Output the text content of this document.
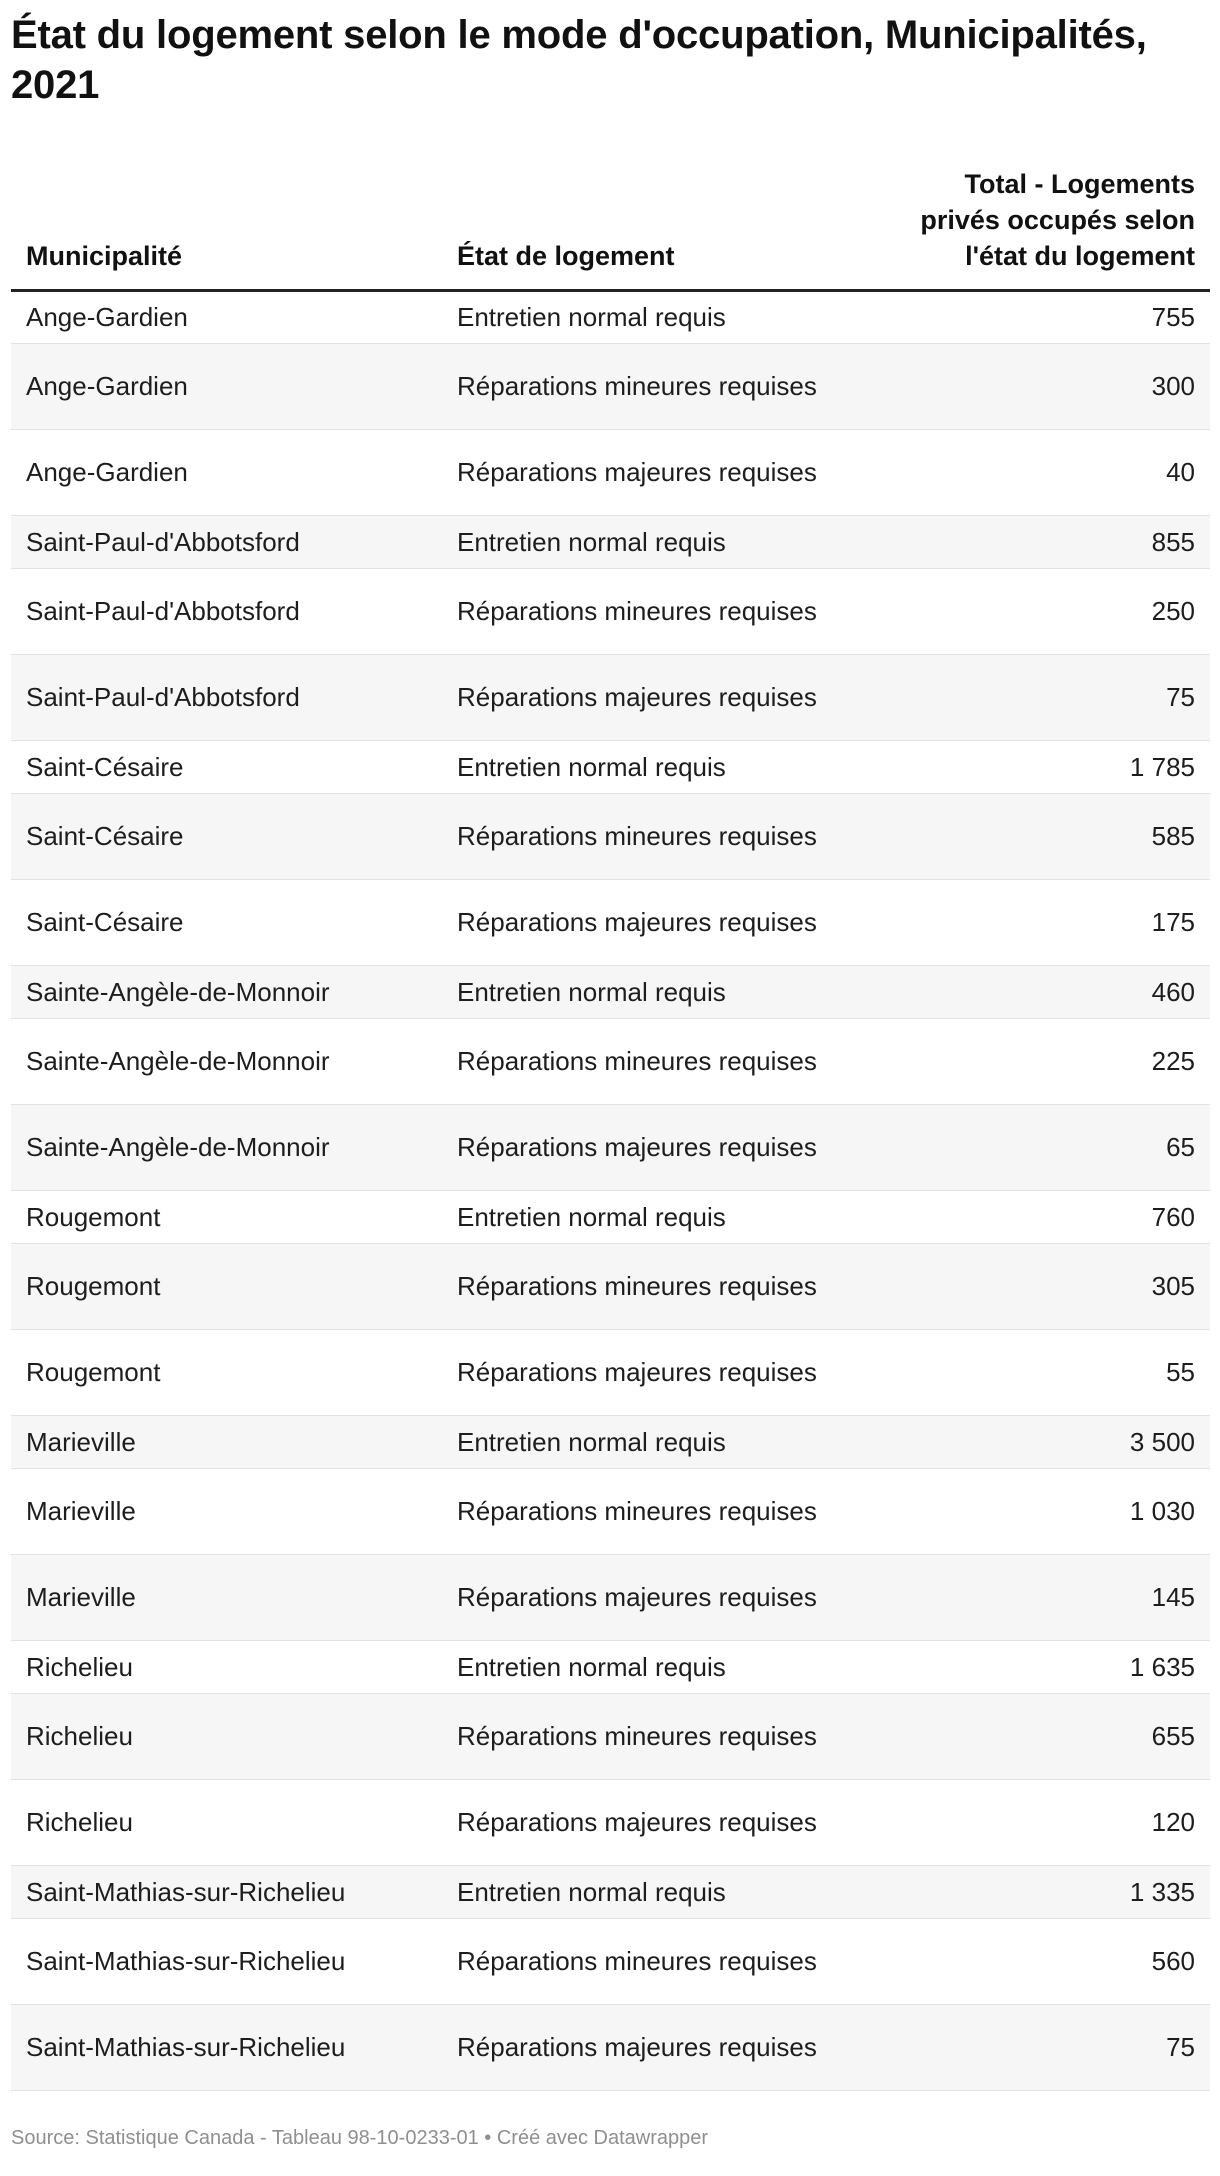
État du logement selon le mode d'occupation, Municipalités, 2021
Municipalité	État de logement	Total - Logements privés occupés selon l'état du logement
Ange-Gardien	Entretien normal requis	755
Ange-Gardien	Réparations mineures requises	300
Ange-Gardien	Réparations majeures requises	40
Saint-Paul-d'Abbotsford	Entretien normal requis	855
Saint-Paul-d'Abbotsford	Réparations mineures requises	250
Saint-Paul-d'Abbotsford	Réparations majeures requises	75
Saint-Césaire	Entretien normal requis	1 785
Saint-Césaire	Réparations mineures requises	585
Saint-Césaire	Réparations majeures requises	175
Sainte-Angèle-de-Monnoir	Entretien normal requis	460
Sainte-Angèle-de-Monnoir	Réparations mineures requises	225
Sainte-Angèle-de-Monnoir	Réparations majeures requises	65
Rougemont	Entretien normal requis	760
Rougemont	Réparations mineures requises	305
Rougemont	Réparations majeures requises	55
Marieville	Entretien normal requis	3 500
Marieville	Réparations mineures requises	1 030
Marieville	Réparations majeures requises	145
Richelieu	Entretien normal requis	1 635
Richelieu	Réparations mineures requises	655
Richelieu	Réparations majeures requises	120
Saint-Mathias-sur-Richelieu	Entretien normal requis	1 335
Saint-Mathias-sur-Richelieu	Réparations mineures requises	560
Saint-Mathias-sur-Richelieu	Réparations majeures requises	75
Source: Statistique Canada - Tableau 98-10-0233-01 • Créé avec Datawrapper
